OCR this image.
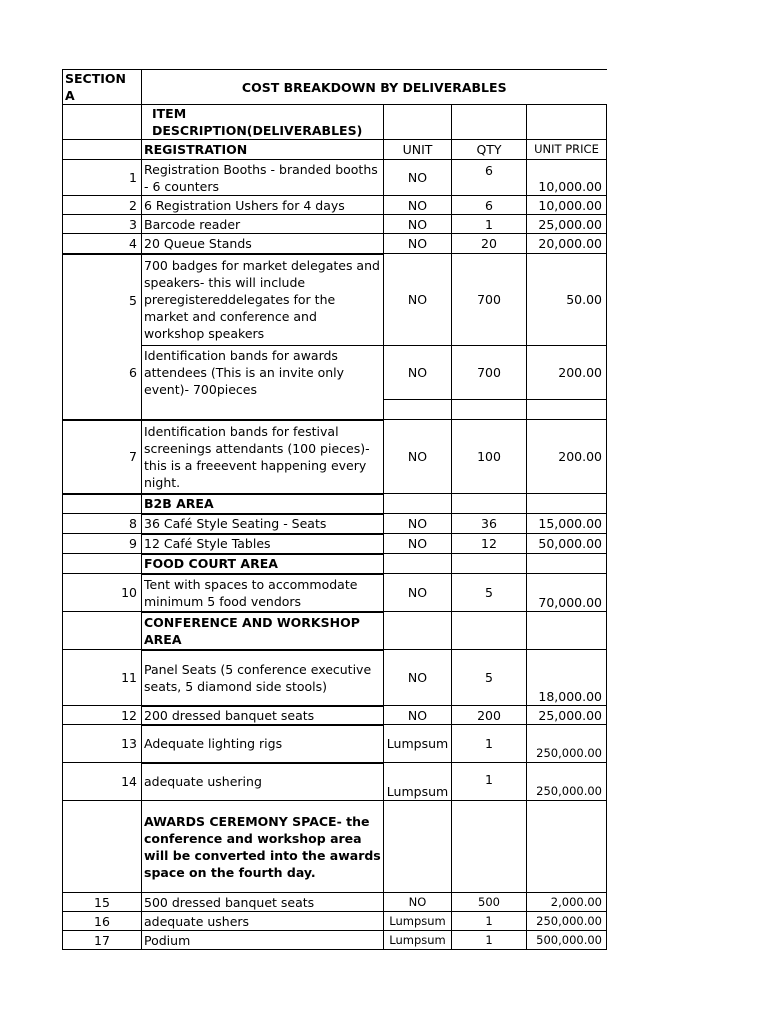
SECTION A	COST BREAKDOWN BY DELIVERABLES			
	ITEM DESCRIPTION(DELIVERABLES)			
	REGISTRATION	UNIT	QTY	UNIT PRICE
1	Registration Booths - branded booths - 6 counters	NO	6	10,000.00
2	6 Registration Ushers for 4 days	NO	6	10,000.00
3	Barcode reader	NO	1	25,000.00
4	20 Queue Stands	NO	20	20,000.00
5	700 badges for market delegates and speakers- this will include preregistereddelegates for the market and conference and workshop speakers	NO	700	50.00
6	Identification bands for awards attendees (This is an invite only event)- 700pieces	NO	700	200.00

7	Identification bands for festival screenings attendants (100 pieces)- this is a freeevent happening every night.	NO	100	200.00
	B2B AREA			
8	36 Café Style Seating - Seats	NO	36	15,000.00
9	12 Café Style Tables	NO	12	50,000.00
	FOOD COURT AREA			
10	Tent with spaces to accommodate minimum 5 food vendors	NO	5	70,000.00
	CONFERENCE AND WORKSHOP AREA			
11	Panel Seats (5 conference executive seats, 5 diamond side stools)	NO	5	18,000.00
12	200 dressed banquet seats	NO	200	25,000.00
13	Adequate lighting rigs	Lumpsum	1	250,000.00
14	adequate ushering	Lumpsum	1	250,000.00
	AWARDS CEREMONY SPACE- the conference and workshop area will be converted into the awards space on the fourth day.			
15	500 dressed banquet seats	NO	500	2,000.00
16	adequate ushers	Lumpsum	1	250,000.00
17	Podium	Lumpsum	1	500,000.00
